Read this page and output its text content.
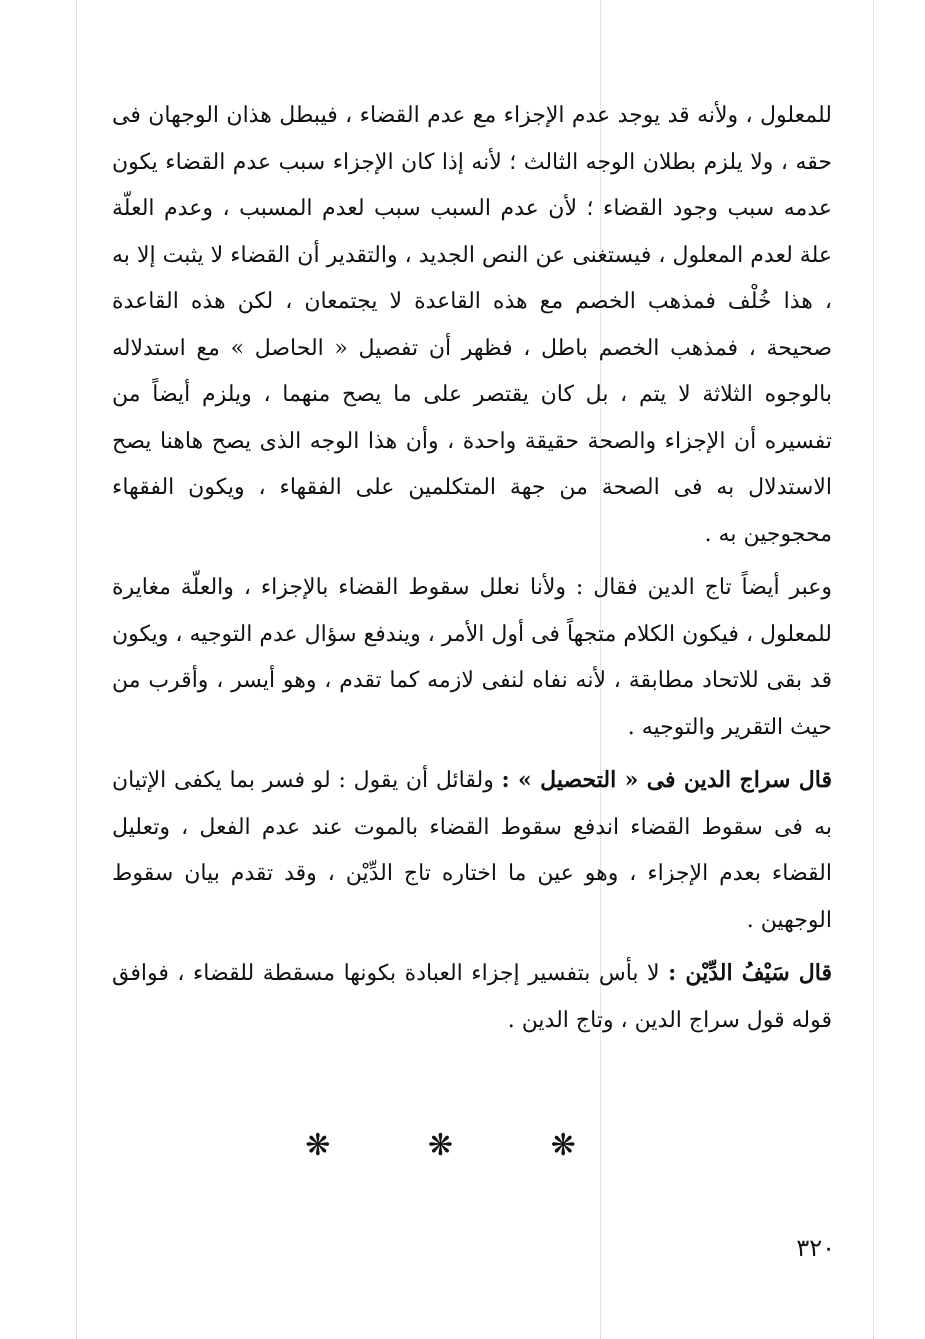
للمعلول ، ولأنه قد يوجد عدم الإجزاء مع عدم القضاء ، فيبطل هذان الوجهان فى حقه ، ولا يلزم بطلان الوجه الثالث ؛ لأنه إذا كان الإجزاء سبب عدم القضاء يكون عدمه سبب وجود القضاء ؛ لأن عدم السبب سبب لعدم المسبب ، وعدم العلّة علة لعدم المعلول ، فيستغنى عن النص الجديد ، والتقدير أن القضاء لا يثبت إلا به ، هذا خُلْف فمذهب الخصم مع هذه القاعدة لا يجتمعان ، لكن هذه القاعدة صحيحة ، فمذهب الخصم باطل ، فظهر أن تفصيل « الحاصل » مع استدلاله بالوجوه الثلاثة لا يتم ، بل كان يقتصر على ما يصح منهما ، ويلزم أيضاً من تفسيره أن الإجزاء والصحة حقيقة واحدة ، وأن هذا الوجه الذى يصح هاهنا يصح الاستدلال به فى الصحة من جهة المتكلمين على الفقهاء ، ويكون الفقهاء محجوجين به .

وعبر أيضاً تاج الدين فقال : ولأنا نعلل سقوط القضاء بالإجزاء ، والعلّة مغايرة للمعلول ، فيكون الكلام متجهاً فى أول الأمر ، ويندفع سؤال عدم التوجيه ، ويكون قد بقى للاتحاد مطابقة ، لأنه نفاه لنفى لازمه كما تقدم ، وهو أيسر ، وأقرب من حيث التقرير والتوجيه .

قال سراج الدين فى « التحصيل » : ولقائل أن يقول : لو فسر بما يكفى الإتيان به فى سقوط القضاء اندفع سقوط القضاء بالموت عند عدم الفعل ، وتعليل القضاء بعدم الإجزاء ، وهو عين ما اختاره تاج الدِّيْن ، وقد تقدم بيان سقوط الوجهين .

قال سَيْفُ الدِّيْن : لا بأس بتفسير إجزاء العبادة بكونها مسقطة للقضاء ، فوافق قوله قول سراج الدين ، وتاج الدين .

❋ ❋ ❋
٣٢٠
